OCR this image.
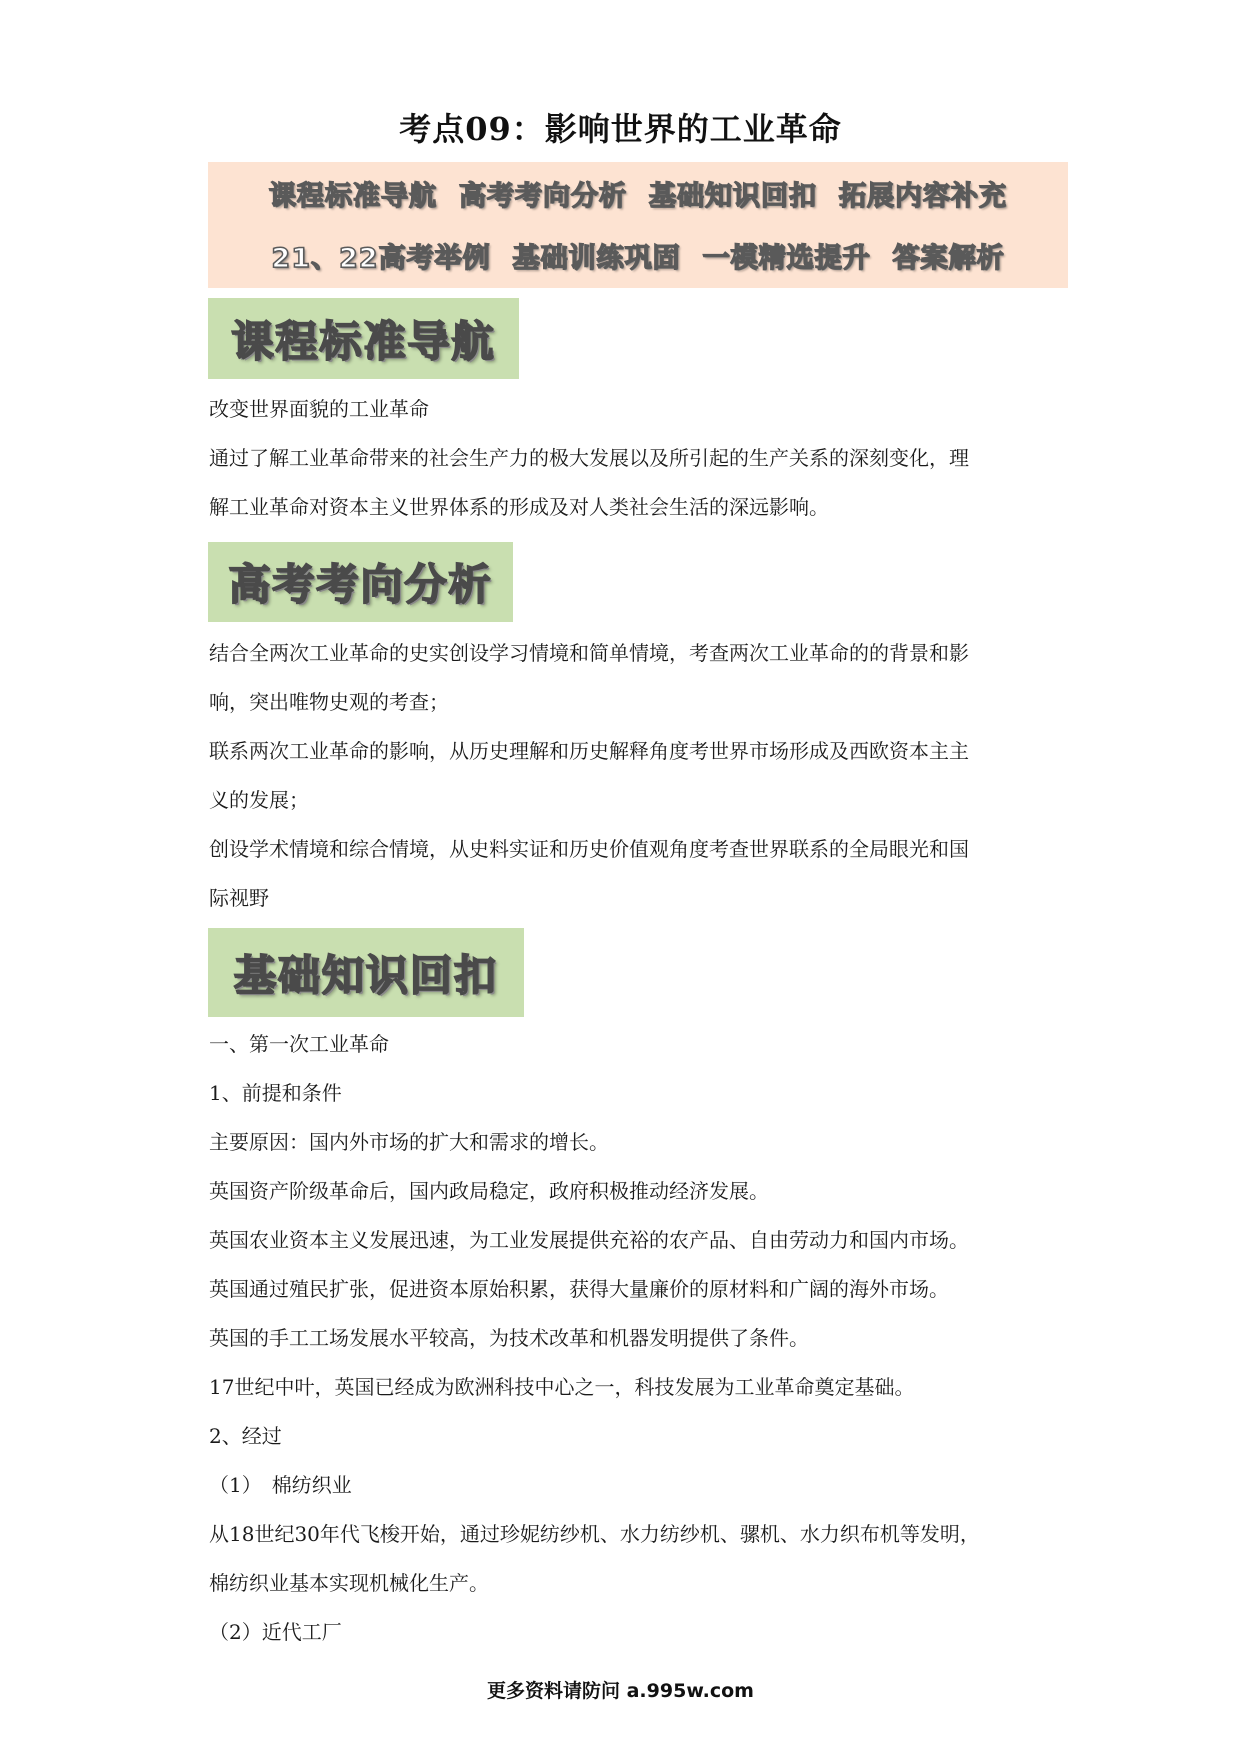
考点09：影响世界的工业革命
课程标准导航 高考考向分析 基础知识回扣 拓展内容补充
21、22高考举例 基础训练巩固 一模精选提升 答案解析
课程标准导航

改变世界面貌的工业革命

通过了解工业革命带来的社会生产力的极大发展以及所引起的生产关系的深刻变化，理

解工业革命对资本主义世界体系的形成及对人类社会生活的深远影响。

高考考向分析

结合全两次工业革命的史实创设学习情境和简单情境，考查两次工业革命的的背景和影

响，突出唯物史观的考查；

联系两次工业革命的影响，从历史理解和历史解释角度考世界市场形成及西欧资本主主

义的发展；

创设学术情境和综合情境，从史料实证和历史价值观角度考查世界联系的全局眼光和国

际视野

基础知识回扣

一、第一次工业革命

1、前提和条件

主要原因：国内外市场的扩大和需求的增长。

英国资产阶级革命后，国内政局稳定，政府积极推动经济发展。

英国农业资本主义发展迅速，为工业发展提供充裕的农产品、自由劳动力和国内市场。

英国通过殖民扩张，促进资本原始积累，获得大量廉价的原材料和广阔的海外市场。

英国的手工工场发展水平较高，为技术改革和机器发明提供了条件。

17世纪中叶，英国已经成为欧洲科技中心之一，科技发展为工业革命奠定基础。

2、经过

（1）　棉纺织业

从18世纪30年代飞梭开始，通过珍妮纺纱机、水力纺纱机、骡机、水力织布机等发明，

棉纺织业基本实现机械化生产。

（2）近代工厂

更多资料请防问 a.995w.com
